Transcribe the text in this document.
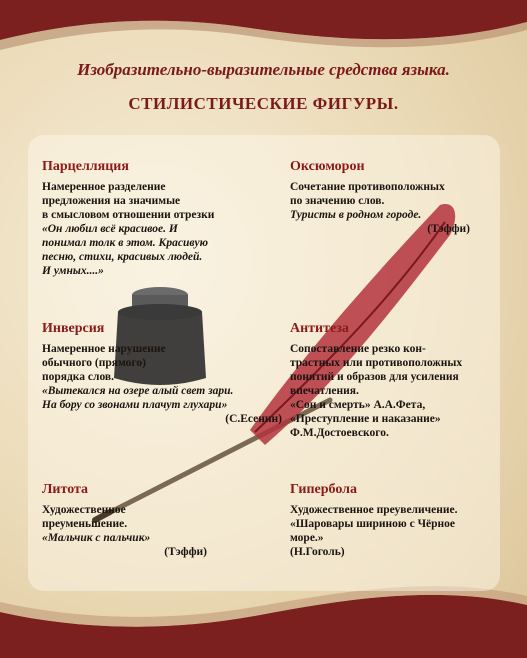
Изобразительно-выразительные средства языка.
СТИЛИСТИЧЕСКИЕ ФИГУРЫ.
Парцелляция

Намеренное разделение

предложения на значимые

в смысловом отношении отрезки

«Он любил всё красивое. И

понимал толк в этом. Красивую

песню, стихи, красивых людей.

И умных....»

Оксюморон

Сочетание противоположных

по значению слов.

Туристы в родном городе.

(Тэффи)

Инверсия

Намеренное нарушение

обычного (прямого)

порядка слов.

«Вытекался на озере алый свет зари.

На бору со звонами плачут глухари»

(С.Есенин)

Антитеза

Сопоставление резко кон-

трастных или противоположных

понятий и образов для усиления

впечатления.

«Сон и смерть» А.А.Фета,

«Преступление и наказание»

Ф.М.Достоевского.

Литота

Художественное преуменьшение.

«Мальчик с пальчик»

(Тэффи)

Гипербола

Художественное преувеличение.

«Шаровары шириною с Чёрное

море.»

(Н.Гоголь)
